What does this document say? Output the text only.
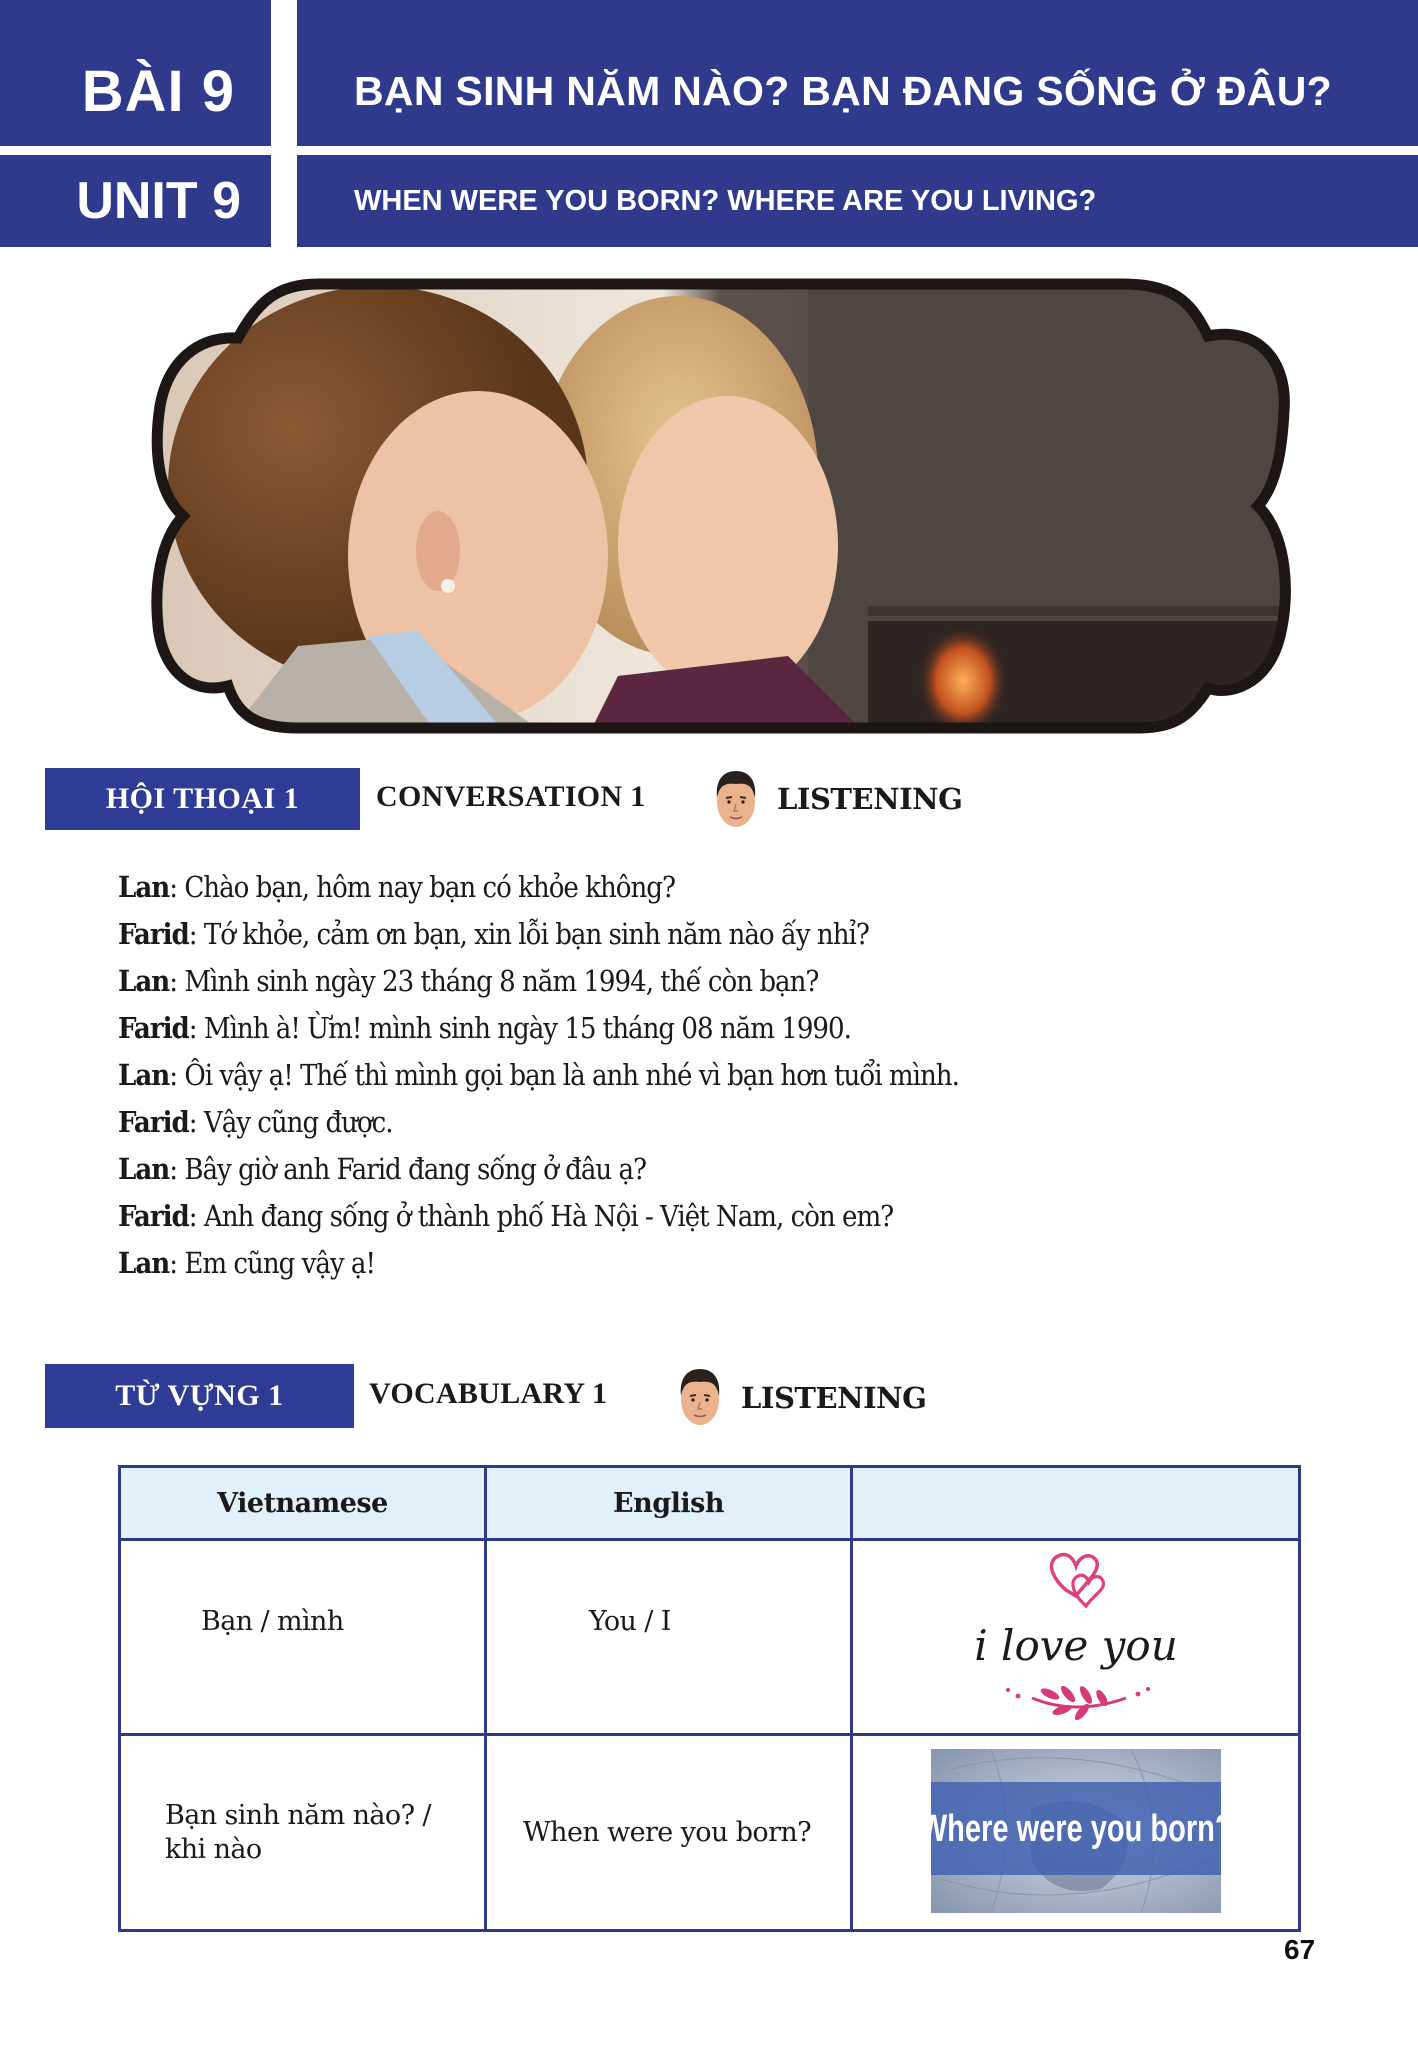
BÀI 9
UNIT 9
BẠN SINH NĂM NÀO? BẠN ĐANG SỐNG Ở ĐÂU?
WHEN WERE YOU BORN? WHERE ARE YOU LIVING?
HỘI THOẠI 1	CONVERSATION 1	LISTENING
Lan: Chào bạn, hôm nay bạn có khỏe không?
Farid: Tớ khỏe, cảm ơn bạn, xin lỗi bạn sinh năm nào ấy nhỉ?
Lan: Mình sinh ngày 23 tháng 8 năm 1994, thế còn bạn?
Farid: Mình à! Ừm! mình sinh ngày 15 tháng 08 năm 1990.
Lan: Ôi vậy ạ! Thế thì mình gọi bạn là anh nhé vì bạn hơn tuổi mình.
Farid: Vậy cũng được.
Lan: Bây giờ anh Farid đang sống ở đâu ạ?
Farid: Anh đang sống ở thành phố Hà Nội - Việt Nam, còn em?
Lan: Em cũng vậy ạ!
TỪ VỰNG 1	VOCABULARY 1	LISTENING
Vietnamese	English	
Bạn / mình	You / I	i love you

Bạn sinh năm nào? /
khi nào	When were you born?	Where were you born?
67
